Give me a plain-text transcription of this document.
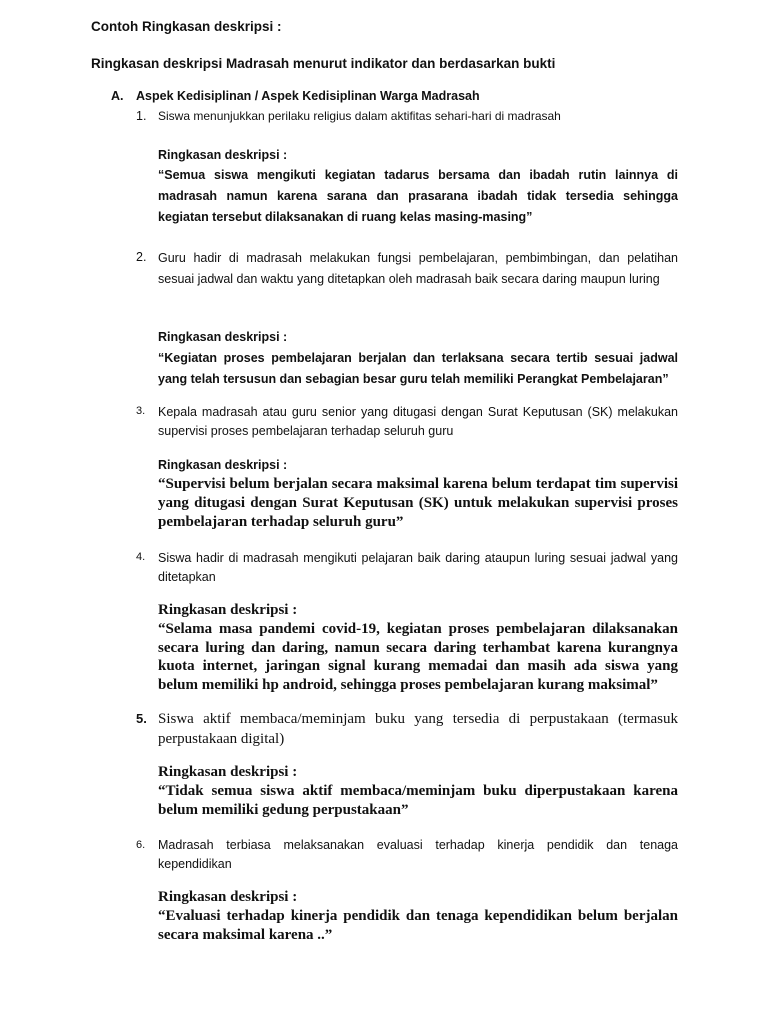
Contoh Ringkasan deskripsi :
Ringkasan deskripsi Madrasah menurut indikator dan berdasarkan bukti
A. Aspek Kedisiplinan / Aspek Kedisiplinan Warga Madrasah
1. Siswa menunjukkan perilaku religius dalam aktifitas sehari-hari di madrasah
Ringkasan deskripsi :
“Semua siswa mengikuti kegiatan tadarus bersama dan ibadah rutin lainnya di madrasah namun karena sarana dan prasarana ibadah tidak tersedia sehingga kegiatan tersebut dilaksanakan di ruang kelas masing-masing”
2. Guru hadir di madrasah melakukan fungsi pembelajaran, pembimbingan, dan pelatihan sesuai jadwal dan waktu yang ditetapkan oleh madrasah baik secara daring maupun luring
Ringkasan deskripsi :
“Kegiatan proses pembelajaran berjalan dan terlaksana secara tertib sesuai jadwal yang telah tersusun dan sebagian besar guru telah memiliki Perangkat Pembelajaran”
3. Kepala madrasah atau guru senior yang ditugasi dengan Surat Keputusan (SK) melakukan supervisi proses pembelajaran terhadap seluruh guru
Ringkasan deskripsi :
“Supervisi belum berjalan secara maksimal karena belum terdapat tim supervisi yang ditugasi dengan Surat Keputusan (SK) untuk melakukan supervisi proses pembelajaran terhadap seluruh guru”
4. Siswa hadir di madrasah mengikuti pelajaran baik daring ataupun luring sesuai jadwal yang ditetapkan
Ringkasan deskripsi :
“Selama masa pandemi covid-19, kegiatan proses pembelajaran dilaksanakan secara luring dan daring, namun secara daring terhambat karena kurangnya kuota internet, jaringan signal kurang memadai dan masih ada siswa yang belum memiliki hp android, sehingga proses pembelajaran kurang maksimal”
5. Siswa aktif membaca/meminjam buku yang tersedia di perpustakaan (termasuk perpustakaan digital)
Ringkasan deskripsi :
“Tidak semua siswa aktif membaca/meminjam buku diperpustakaan karena belum memiliki gedung perpustakaan”
6. Madrasah terbiasa melaksanakan evaluasi terhadap kinerja pendidik dan tenaga kependidikan
Ringkasan deskripsi :
“Evaluasi terhadap kinerja pendidik dan tenaga kependidikan belum berjalan secara maksimal karena ..”
